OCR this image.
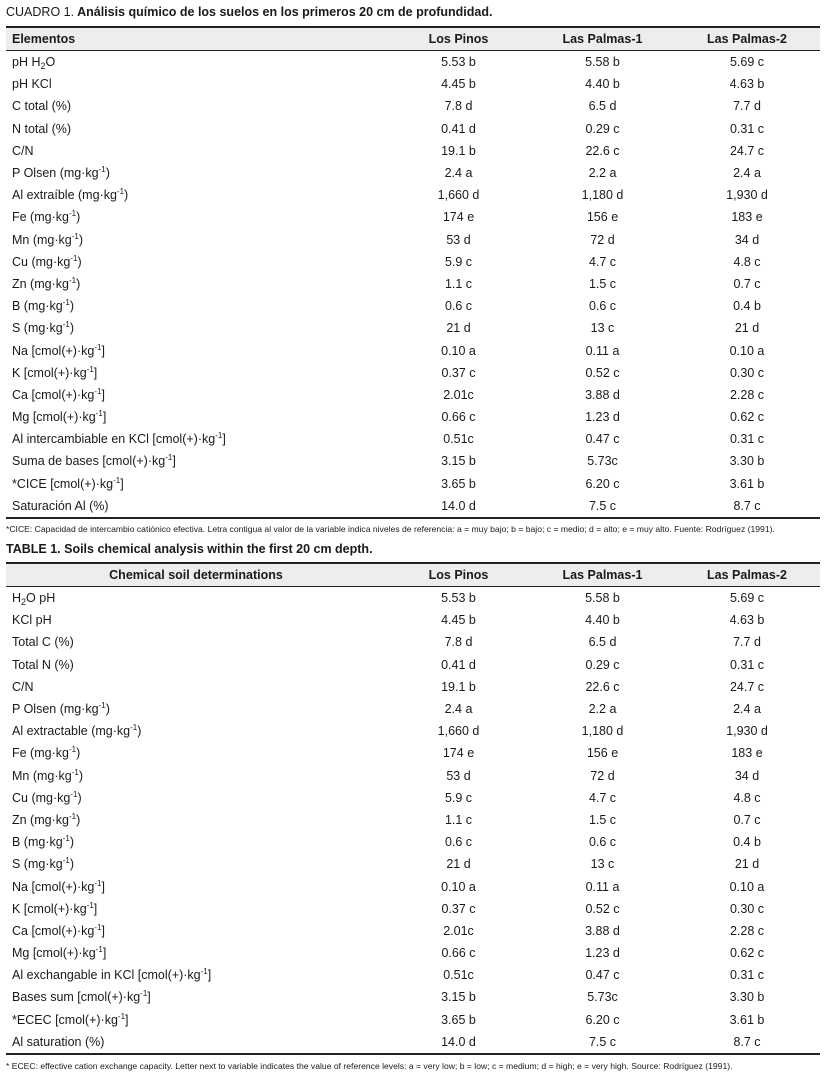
CUADRO 1. Análisis químico de los suelos en los primeros 20 cm de profundidad.
Elementos	Los Pinos	Las Palmas-1	Las Palmas-2
pH $H_2O$	5.53 b	5.58 b	5.69 c
pH KCl	4.45 b	4.40 b	4.63 b
C total (%)	7.8 d	6.5 d	7.7 d
N total (%)	0.41 d	0.29 c	0.31 c
C/N	19.1 b	22.6 c	24.7 c
P Olsen $(mg\cdot kg^{-1})$	2.4 a	2.2 a	2.4 a
Al extraíble $(mg\cdot kg^{-1})$	1,660 d	1,180 d	1,930 d
Fe $(mg\cdot kg^{-1})$	174 e	156 e	183 e
Mn $(mg\cdot kg^{-1})$	53 d	72 d	34 d
Cu $(mg\cdot kg^{-1})$	5.9 c	4.7 c	4.8 c
Zn $(mg\cdot kg^{-1})$	1.1 c	1.5 c	0.7 c
B $(mg\cdot kg^{-1})$	0.6 c	0.6 c	0.4 b
S $(mg\cdot kg^{-1})$	21 d	13 c	21 d
Na $[cmol(+)\cdot kg^{-1}]$	0.10 a	0.11 a	0.10 a
K $[cmol(+)\cdot kg^{-1}]$	0.37 c	0.52 c	0.30 c
Ca $[cmol(+)\cdot kg^{-1}]$	2.01c	3.88 d	2.28 c
Mg $[cmol(+)\cdot kg^{-1}]$	0.66 c	1.23 d	0.62 c
Al intercambiable en KCl $[cmol(+)\cdot kg^{-1}]$	0.51c	0.47 c	0.31 c
Suma de bases $[cmol(+)\cdot kg^{-1}]$	3.15 b	5.73c	3.30 b
*CICE $[cmol(+)\cdot kg^{-1}]$	3.65 b	6.20 c	3.61 b
Saturación Al (%)	14.0 d	7.5 c	8.7 c
*CICE: Capacidad de intercambio catiónico efectiva. Letra contigua al valor de la variable indica niveles de referencia: a = muy bajo; b = bajo; c = medio; d = alto; e = muy alto. Fuente: Rodríguez (1991).
TABLE 1. Soils chemical analysis within the first 20 cm depth.
Chemical soil determinations	Los Pinos	Las Palmas-1	Las Palmas-2
$H_2O$ pH	5.53 b	5.58 b	5.69 c
KCl pH	4.45 b	4.40 b	4.63 b
Total C (%)	7.8 d	6.5 d	7.7 d
Total N (%)	0.41 d	0.29 c	0.31 c
C/N	19.1 b	22.6 c	24.7 c
P Olsen $(mg\cdot kg^{-1})$	2.4 a	2.2 a	2.4 a
Al extractable $(mg\cdot kg^{-1})$	1,660 d	1,180 d	1,930 d
Fe $(mg\cdot kg^{-1})$	174 e	156 e	183 e
Mn $(mg\cdot kg^{-1})$	53 d	72 d	34 d
Cu $(mg\cdot kg^{-1})$	5.9 c	4.7 c	4.8 c
Zn $(mg\cdot kg^{-1})$	1.1 c	1.5 c	0.7 c
B $(mg\cdot kg^{-1})$	0.6 c	0.6 c	0.4 b
S $(mg\cdot kg^{-1})$	21 d	13 c	21 d
Na $[cmol(+)\cdot kg^{-1}]$	0.10 a	0.11 a	0.10 a
K $[cmol(+)\cdot kg^{-1}]$	0.37 c	0.52 c	0.30 c
Ca $[cmol(+)\cdot kg^{-1}]$	2.01c	3.88 d	2.28 c
Mg $[cmol(+)\cdot kg^{-1}]$	0.66 c	1.23 d	0.62 c
Al exchangable in KCl $[cmol(+)\cdot kg^{-1}]$	0.51c	0.47 c	0.31 c
Bases sum $[cmol(+)\cdot kg^{-1}]$	3.15 b	5.73c	3.30 b
*ECEC $[cmol(+)\cdot kg^{-1}]$	3.65 b	6.20 c	3.61 b
Al saturation (%)	14.0 d	7.5 c	8.7 c
* ECEC: effective cation exchange capacity. Letter next to variable indicates the value of reference levels: a = very low; b = low; c = medium; d = high; e = very high. Source: Rodríguez (1991).
